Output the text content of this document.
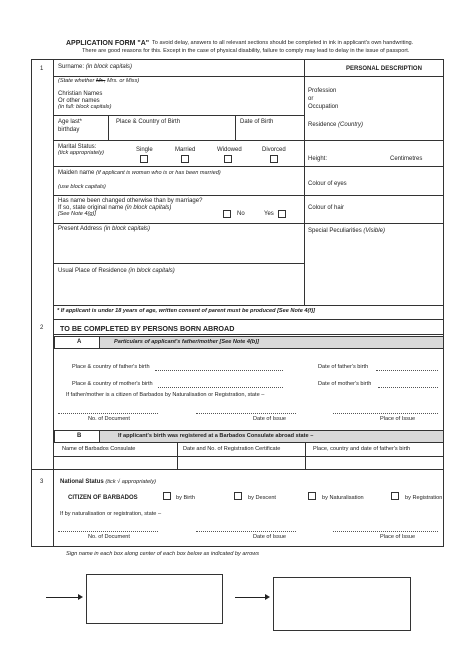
APPLICATION FORM "A" To avoid delay, answers to all relevant sections should be completed in ink in applicant's own handwriting.
There are good reasons for this. Except in the case of physical disability, failure to comply may lead to delay in the issue of passport.
1 Surname: (in block capitals)
(State whether Mr., Mrs. or Miss)
Christian Names
Or other names
(in full: block capitals)
Age last*
birthday
Place & Country of Birth	Date of Birth
Marital Status:
(tick appropriately)	Single	Married	Widowed	Divorced
Maiden name (if applicant is woman who is or has been married)
(use block capitals)
Has name been changed otherwise than by marriage?
If so, state original name (in block capitals)
[See Note 4(g)]	No	Yes
Present Address (in block capitals)
Usual Place of Residence (in block capitals)
* If applicant is under 18 years of age, written consent of parent must be produced [See Note 4(f)]
PERSONAL DESCRIPTION
Profession
or
Occupation
Residence (Country)
Height:	Centimetres
Colour of eyes
Colour of hair
Special Peculiarities (Visible)
2 TO BE COMPLETED BY PERSONS BORN ABROAD
A	Particulars of applicant's father/mother [See Note 4(b)]
Place & country of father's birth	Date of father's birth
Place & country of mother's birth	Date of mother's birth
If father/mother is a citizen of Barbados by Naturalisation or Registration, state –
No. of Document	Date of Issue	Place of Issue
B	If applicant's birth was registered at a Barbados Consulate abroad state –
Name of Barbados Consulate	Date and No. of Registration Certificate	Place, country and date of father's birth
3	National Status (tick √ appropriately)
CITIZEN OF BARBADOS	by Birth	by Descent	by Naturalisation	by Registration
If by naturalisation or registration, state –
No. of Document	Date of Issue	Place of Issue
Sign name in each box along center of each box below as indicated by arrows
